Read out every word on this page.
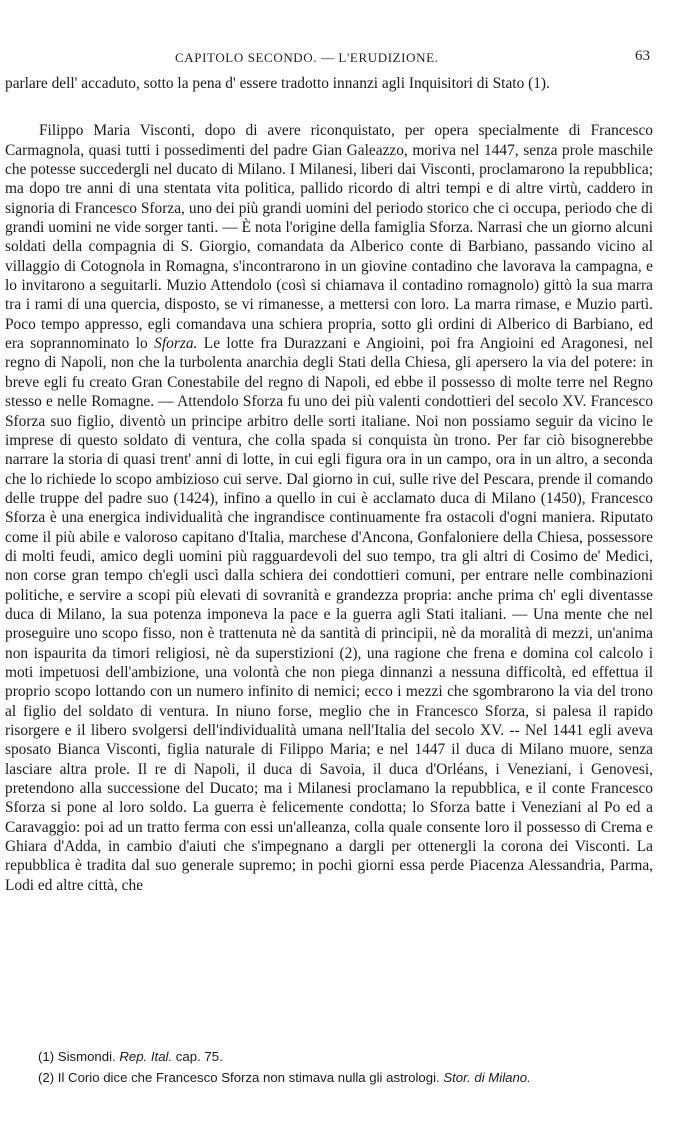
CAPITOLO SECONDO. — L'ERUDIZIONE.	63

parlare dell' accaduto, sotto la pena d' essere tradotto innanzi agli Inquisitori di Stato (1).

Filippo Maria Visconti, dopo di avere riconquistato, per opera specialmente di Francesco Carmagnola, quasi tutti i possedimenti del padre Gian Galeazzo, moriva nel 1447, senza prole maschile che potesse succedergli nel ducato di Milano. I Milanesi, liberi dai Visconti, proclamarono la repubblica; ma dopo tre anni di una stentata vita politica, pallido ricordo di altri tempi e di altre virtù, caddero in signoria di Francesco Sforza, uno dei più grandi uomini del periodo storico che ci occupa, periodo che di grandi uomini ne vide sorger tanti. — È nota l'origine della famiglia Sforza. Narrasi che un giorno alcuni soldati della compagnia di S. Giorgio, comandata da Alberico conte di Barbiano, passando vicino al villaggio di Cotognola in Romagna, s'incontrarono in un giovine contadino che lavorava la campagna, e lo invitarono a seguitarli. Muzio Attendolo (così si chiamava il contadino romagnolo) gittò la sua marra tra i rami di una quercia, disposto, se vi rimanesse, a mettersi con loro. La marra rimase, e Muzio partì. Poco tempo appresso, egli comandava una schiera propria, sotto gli ordini di Alberico di Barbiano, ed era soprannominato lo Sforza. Le lotte fra Durazzani e Angioini, poi fra Angioini ed Aragonesi, nel regno di Napoli, non che la turbolenta anarchia degli Stati della Chiesa, gli apersero la via del potere: in breve egli fu creato Gran Conestabile del regno di Napoli, ed ebbe il possesso di molte terre nel Regno stesso e nelle Romagne. — Attendolo Sforza fu uno dei più valenti condottieri del secolo XV. Francesco Sforza suo figlio, diventò un principe arbitro delle sorti italiane. Noi non possiamo seguir da vicino le imprese di questo soldato di ventura, che colla spada si conquista ùn trono. Per far ciò bisognerebbe narrare la storia di quasi trent' anni di lotte, in cui egli figura ora in un campo, ora in un altro, a seconda che lo richiede lo scopo ambizioso cui serve. Dal giorno in cui, sulle rive del Pescara, prende il comando delle truppe del padre suo (1424), infino a quello in cui è acclamato duca di Milano (1450), Francesco Sforza è una energica individualità che ingrandisce continuamente fra ostacoli d'ogni maniera. Riputato come il più abile e valoroso capitano d'Italia, marchese d'Ancona, Gonfaloniere della Chiesa, possessore di molti feudi, amico degli uomini più ragguardevoli del suo tempo, tra gli altri di Cosimo de' Medici, non corse gran tempo ch'egli uscì dalla schiera dei condottieri comuni, per entrare nelle combinazioni politiche, e servire a scopi più elevati di sovranità e grandezza propria: anche prima ch' egli diventasse duca di Milano, la sua potenza imponeva la pace e la guerra agli Stati italiani. — Una mente che nel proseguire uno scopo fisso, non è trattenuta nè da santità di principii, nè da moralità di mezzi, un'anima non ispaurita da timori religiosi, nè da superstizioni (2), una ragione che frena e domina col calcolo i moti impetuosi dell'ambizione, una volontà che non piega dinnanzi a nessuna difficoltà, ed effettua il proprio scopo lottando con un numero infinito di nemici; ecco i mezzi che sgombrarono la via del trono al figlio del soldato di ventura. In niuno forse, meglio che in Francesco Sforza, si palesa il rapido risorgere e il libero svolgersi dell'individualità umana nell'Italia del secolo XV. -- Nel 1441 egli aveva sposato Bianca Visconti, figlia naturale di Filippo Maria; e nel 1447 il duca di Milano muore, senza lasciare altra prole. Il re di Napoli, il duca di Savoia, il duca d'Orléans, i Veneziani, i Genovesi, pretendono alla successione del Ducato; ma i Milanesi proclamano la repubblica, e il conte Francesco Sforza si pone al loro soldo. La guerra è felicemente condotta; lo Sforza batte i Veneziani al Po ed a Caravaggio: poi ad un tratto ferma con essi un'alleanza, colla quale consente loro il possesso di Crema e Ghiara d'Adda, in cambio d'aiuti che s'impegnano a dargli per ottenergli la corona dei Visconti. La repubblica è tradita dal suo generale supremo; in pochi giorni essa perde Piacenza Alessandria, Parma, Lodi ed altre città, che

(1) Sismondi. Rep. Ital. cap. 75.

(2) Il Corio dice che Francesco Sforza non stimava nulla gli astrologi. Stor. di Milano.
